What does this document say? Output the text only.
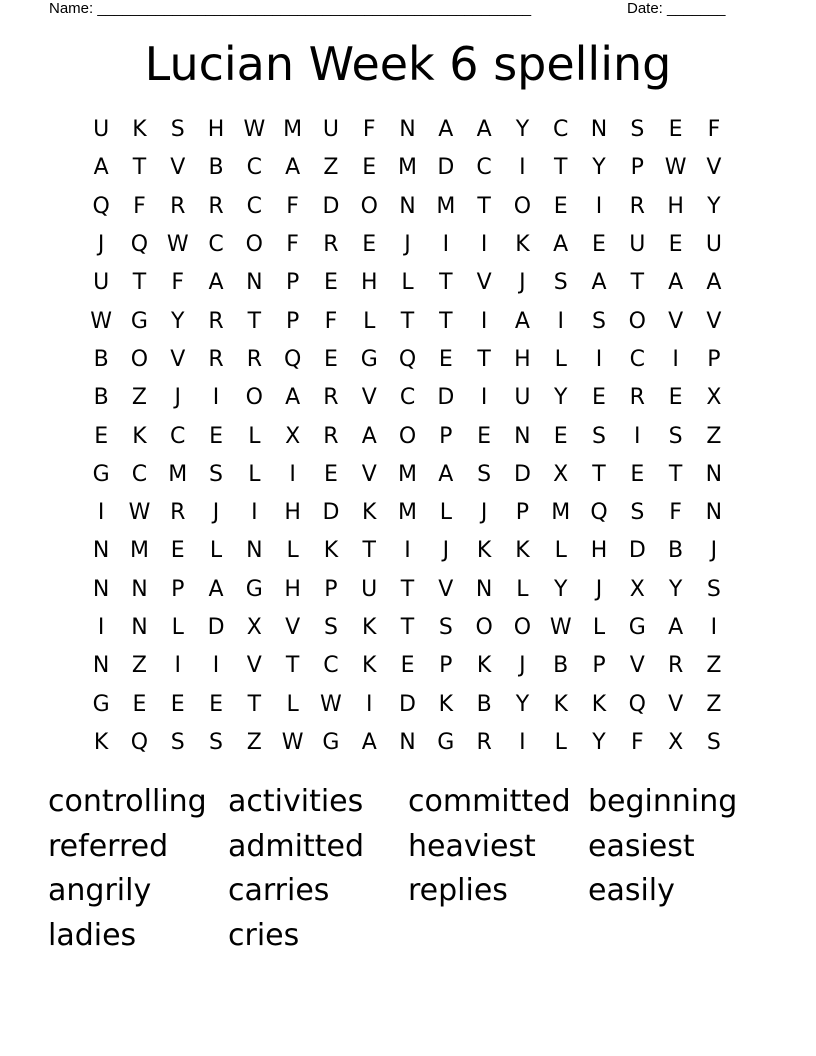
Name: ____________________________________________________	Date: _______
Lucian Week 6 spelling
U	K	S	H W M U	F	N	A	A	Y	C	N	S	E	F
A	T	V	B	C	A	Z	E M D	C	I	T	Y	P W V
Q	F	R	R	C	F	D O N M	T	O	E	I	R	H	Y
J	Q W C O	F	R	E	J	I	I	K	A	E	U	E	U
U	T	F	A	N	P	E	H	L	T	V	J	S	A	T	A	A
W G	Y	R	T	P	F	L	T	T	I	A	I	S	O	V	V
B	O	V	R	R Q	E	G Q	E	T	H	L	I	C	I	P
B	Z	J	I	O	A	R	V	C	D	I	U	Y	E	R	E	X
E	K	C	E	L	X	R	A	O	P	E	N	E	S	I	S	Z
G	C M S	L	I	E	V M A	S	D	X	T	E	T	N
I	W R	J	I	H D	K M	L	J	P	M Q	S	F	N
N M E	L	N	L	K	T	I	J	K	K	L	H D	B	J
N N	P	A	G H	P	U	T	V	N	L	Y	J	X	Y	S
I	N	L	D	X	V	S	K	T	S	O O W L	G	A	I
N	Z	I	I	V	T	C	K	E	P	K	J	B	P	V	R	Z
G	E	E	E	T	L W	I	D	K	B	Y	K	K	Q	V	Z
K	Q	S	S	Z W G	A	N G	R	I	L	Y	F	X	S
controlling activities	committed beginning
referred	admitted	heaviest	easiest
angrily	carries	replies	easily
ladies	cries
